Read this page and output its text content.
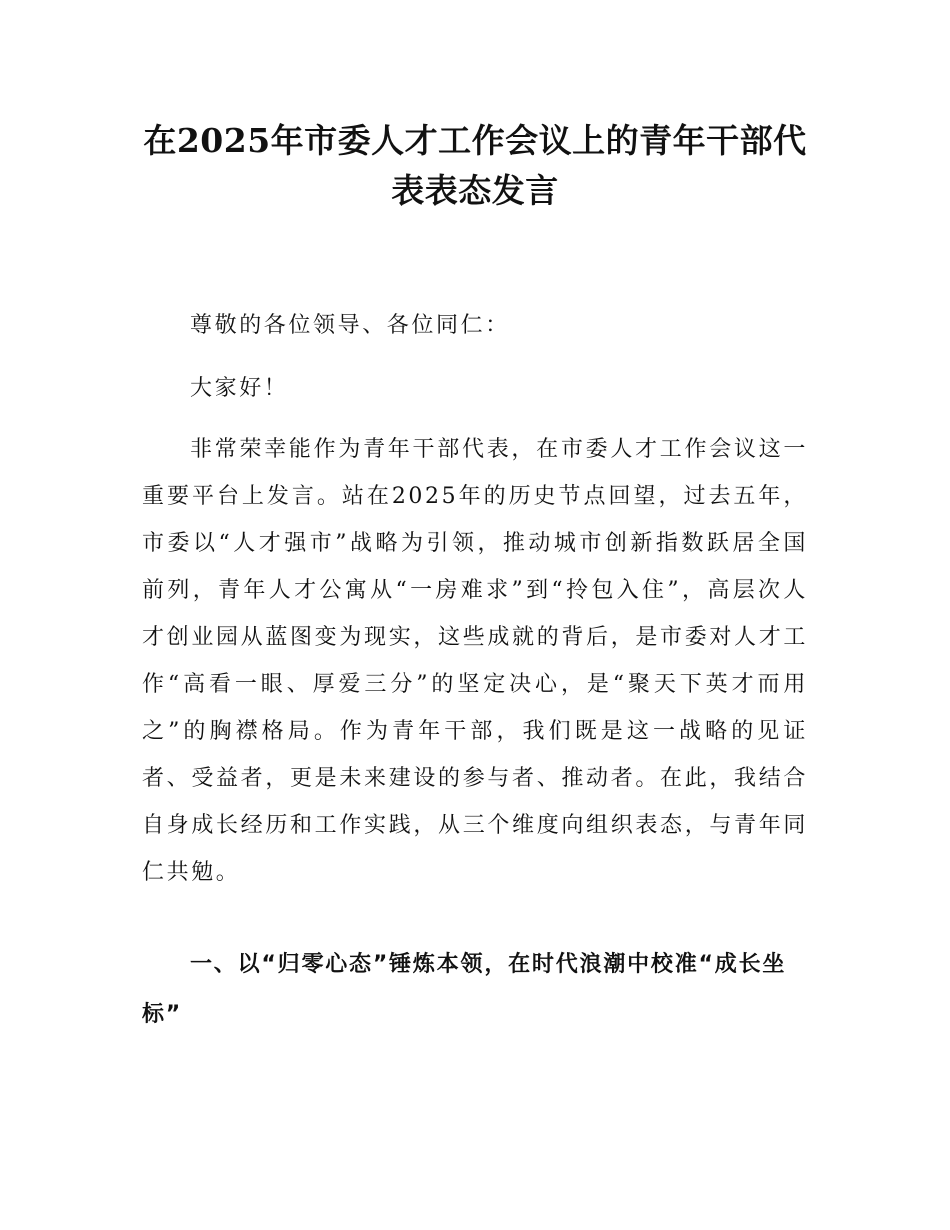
在2025年市委人才工作会议上的青年干部代表表态发言

尊敬的各位领导、各位同仁：

大家好！

非常荣幸能作为青年干部代表，在市委人才工作会议这一重要平台上发言。站在2025年的历史节点回望，过去五年，市委以“人才强市”战略为引领，推动城市创新指数跃居全国前列，青年人才公寓从“一房难求”到“拎包入住”，高层次人才创业园从蓝图变为现实，这些成就的背后，是市委对人才工作“高看一眼、厚爱三分”的坚定决心，是“聚天下英才而用之”的胸襟格局。作为青年干部，我们既是这一战略的见证者、受益者，更是未来建设的参与者、推动者。在此，我结合自身成长经历和工作实践，从三个维度向组织表态，与青年同仁共勉。

一、以“归零心态”锤炼本领，在时代浪潮中校准“成长坐标”
